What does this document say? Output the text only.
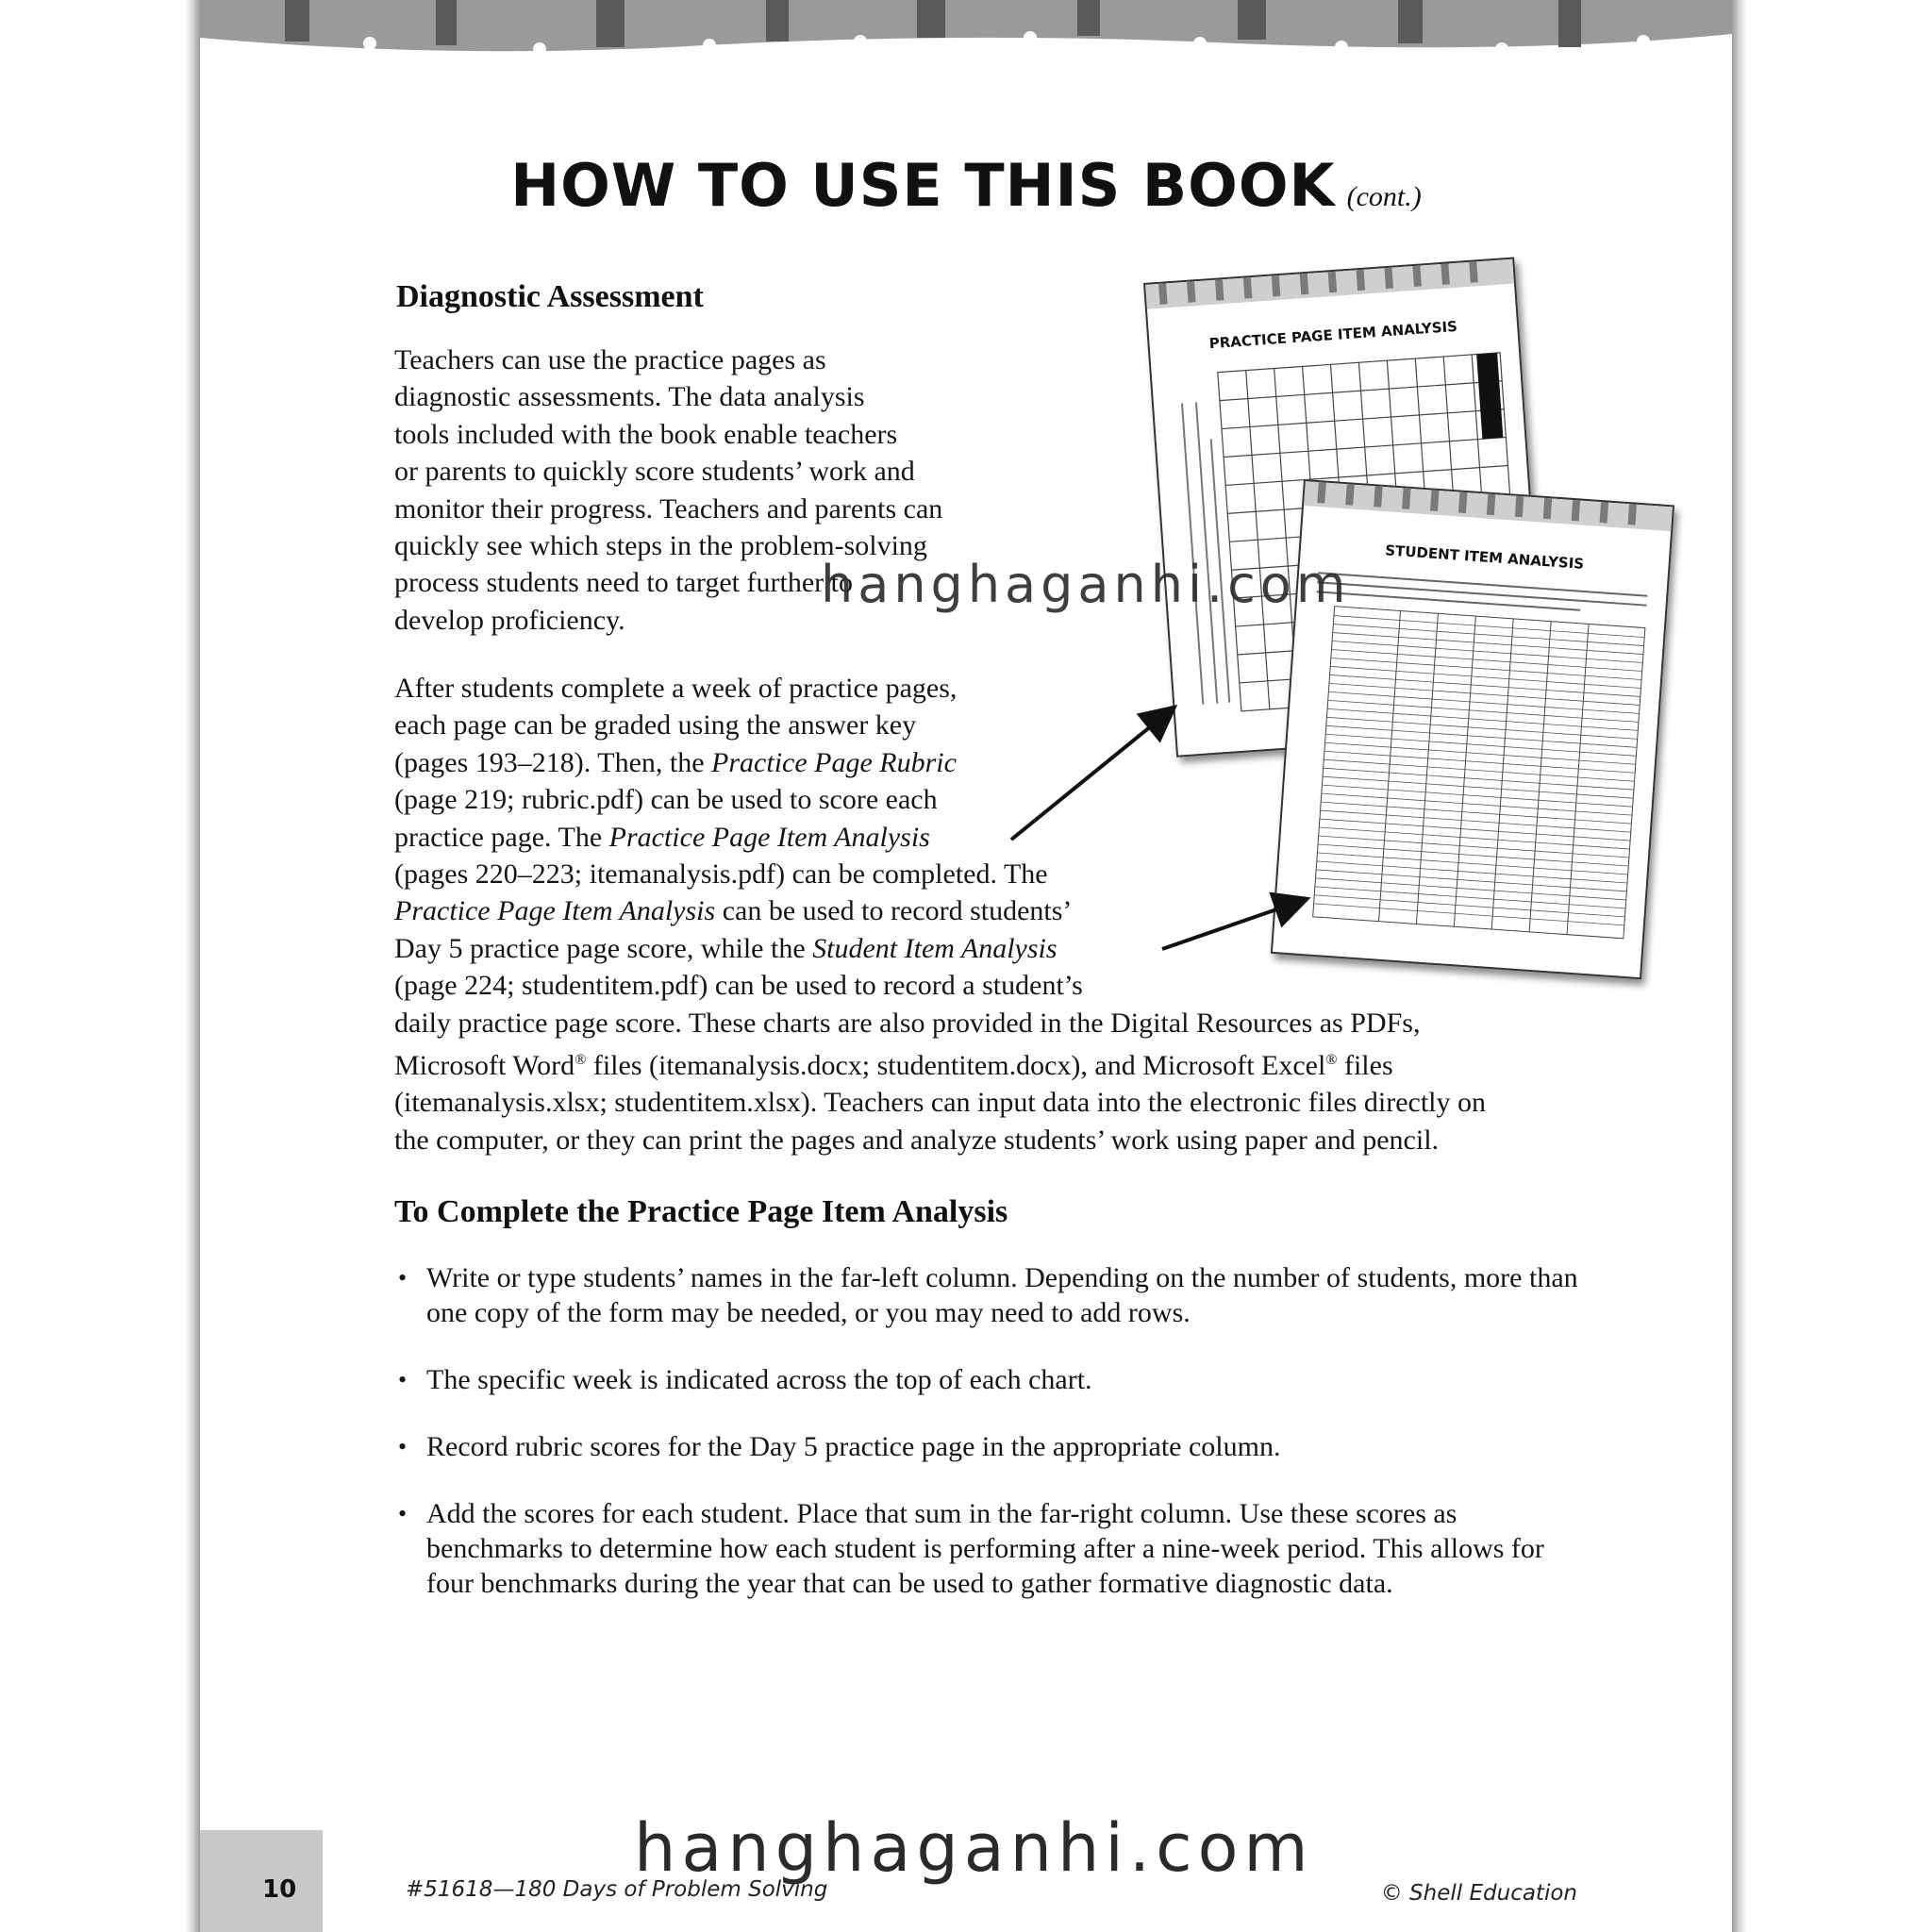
HOW TO USE THIS BOOK (cont.)
Diagnostic Assessment
Teachers can use the practice pages as
diagnostic assessments. The data analysis
tools included with the book enable teachers
or parents to quickly score students’ work and
monitor their progress. Teachers and parents can
quickly see which steps in the problem-solving
process students need to target further to
develop proficiency.
After students complete a week of practice pages,
each page can be graded using the answer key
(pages 193–218). Then, the Practice Page Rubric
(page 219; rubric.pdf) can be used to score each
practice page. The Practice Page Item Analysis
(pages 220–223; itemanalysis.pdf) can be completed. The
Practice Page Item Analysis can be used to record students’
Day 5 practice page score, while the Student Item Analysis
(page 224; studentitem.pdf) can be used to record a student’s
daily practice page score. These charts are also provided in the Digital Resources as PDFs,
Microsoft Word® files (itemanalysis.docx; studentitem.docx), and Microsoft Excel® files
(itemanalysis.xlsx; studentitem.xlsx). Teachers can input data into the electronic files directly on
the computer, or they can print the pages and analyze students’ work using paper and pencil.
PRACTICE PAGE ITEM ANALYSIS
STUDENT ITEM ANALYSIS
To Complete the Practice Page Item Analysis
• Write or type students’ names in the far-left column. Depending on the number of students, more than one copy of the form may be needed, or you may need to add rows.
• The specific week is indicated across the top of each chart.
• Record rubric scores for the Day 5 practice page in the appropriate column.
• Add the scores for each student. Place that sum in the far-right column. Use these scores as benchmarks to determine how each student is performing after a nine-week period. This allows for four benchmarks during the year that can be used to gather formative diagnostic data.
10	#51618—180 Days of Problem Solving	© Shell Education
hanghaganhi.com
hanghaganhi.com
